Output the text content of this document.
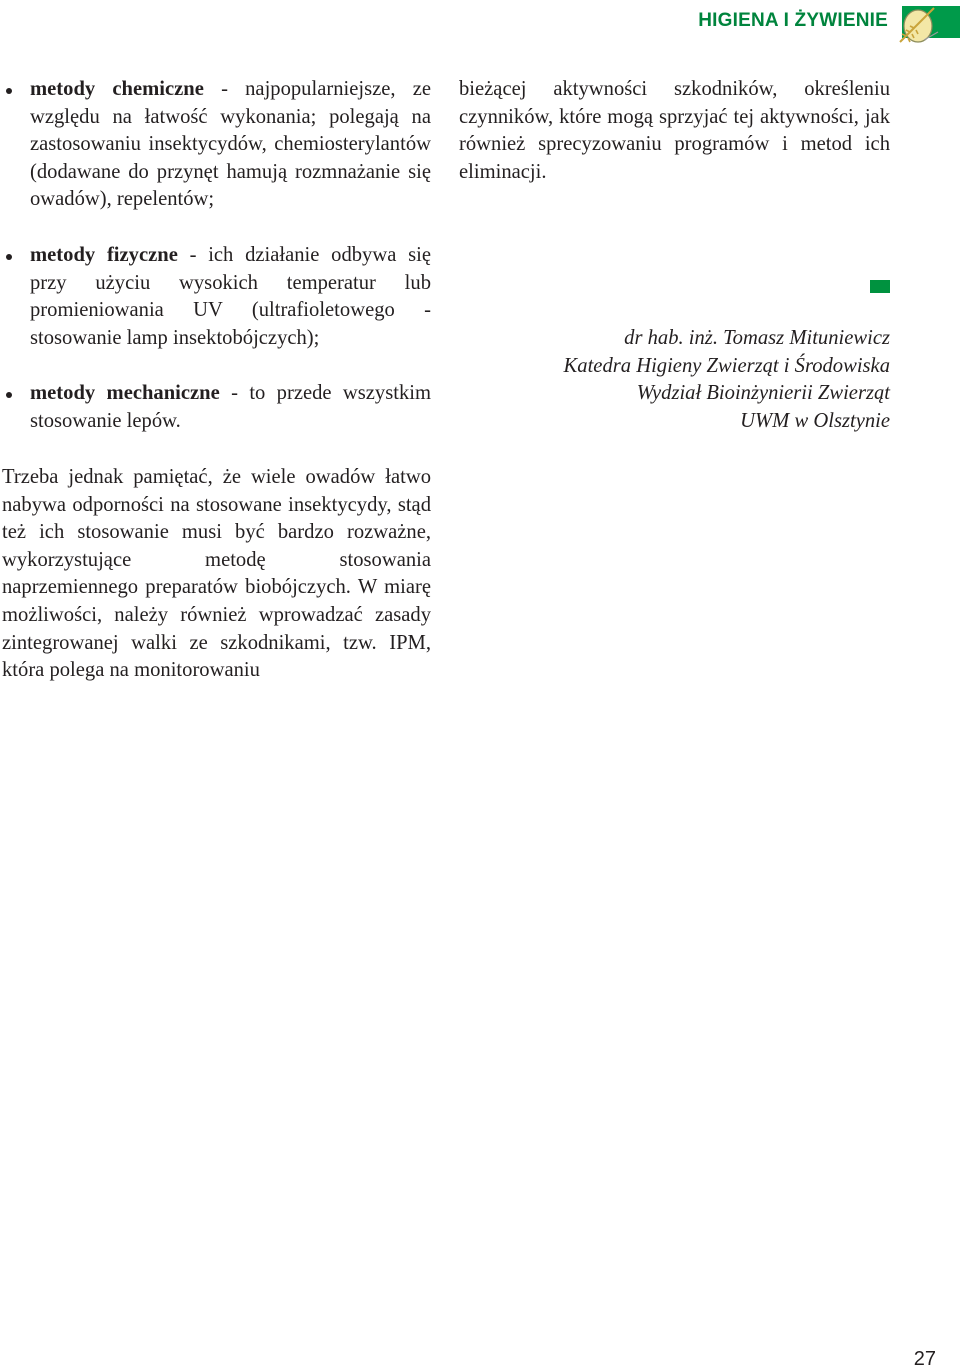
HIGIENA I ŻYWIENIE
metody chemiczne - najpopularniejsze, ze względu na łatwość wykonania; polegają na zastosowaniu insektycydów, chemiosterylantów (dodawane do przynęt hamują rozmnażanie się owadów), repelentów;
metody fizyczne - ich działanie odbywa się przy użyciu wysokich temperatur lub promieniowania UV (ultrafioletowego - stosowanie lamp insektobójczych);
metody mechaniczne - to przede wszystkim stosowanie lepów.

Trzeba jednak pamiętać, że wiele owadów łatwo nabywa odporności na stosowane insektycydy, stąd też ich stosowanie musi być bardzo rozważne, wykorzystujące metodę stosowania naprzemiennego preparatów biobójczych. W miarę możliwości, należy również wprowadzać zasady zintegrowanej walki ze szkodnikami, tzw. IPM, która polega na monitorowaniu

bieżącej aktywności szkodników, określeniu czynników, które mogą sprzyjać tej aktywności, jak również sprecyzowaniu programów i metod ich eliminacji.

dr hab. inż. Tomasz Mituniewicz
Katedra Higieny Zwierząt i Środowiska
Wydział Bioinżynierii Zwierząt
UWM w Olsztynie
27
